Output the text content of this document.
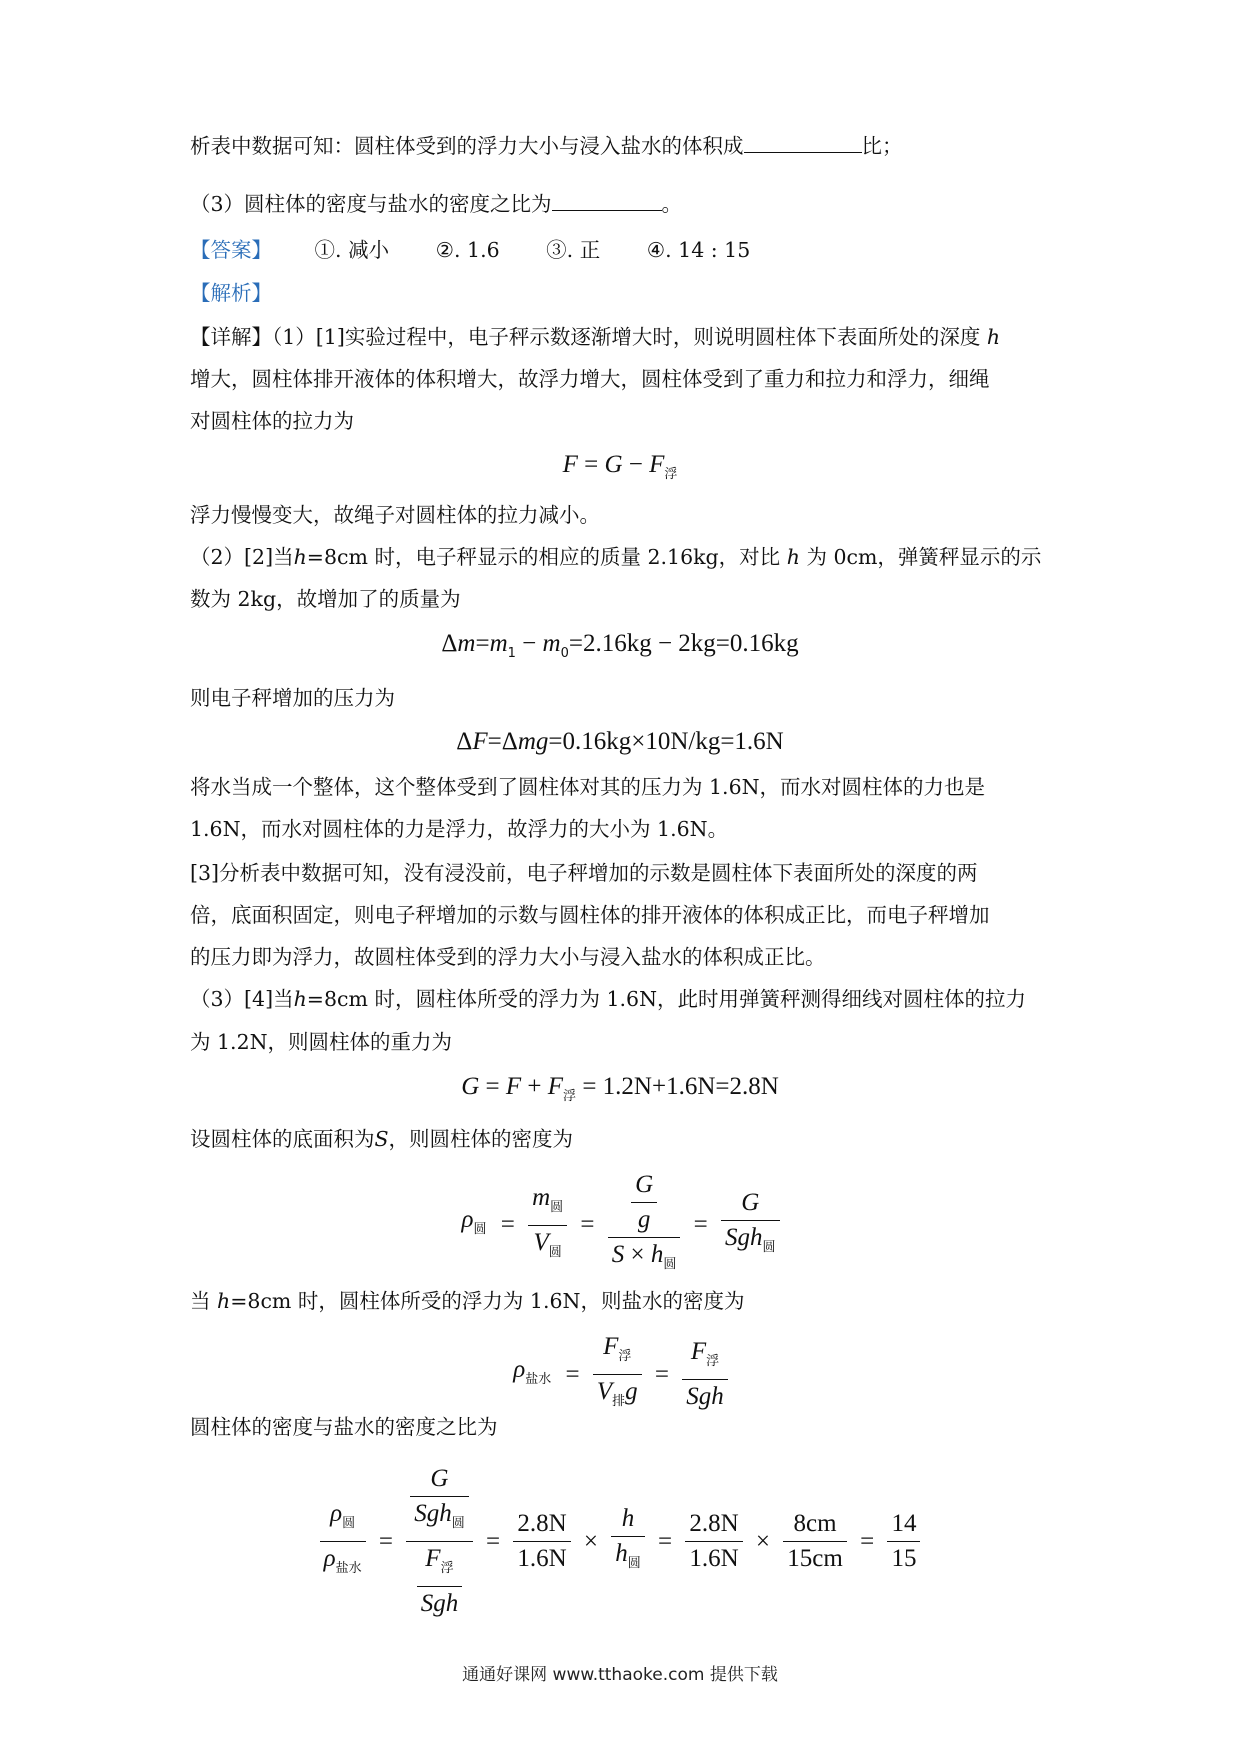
析表中数据可知：圆柱体受到的浮力大小与浸入盐水的体积成	比；
（3）圆柱体的密度与盐水的密度之比为	。
【答案】 ①. 减小 ②. 1.6 ③. 正 ④. 14 : 15
【解析】
【详解】（1）[1]实验过程中，电子秤示数逐渐增大时，则说明圆柱体下表面所处的深度 h
增大，圆柱体排开液体的体积增大，故浮力增大，圆柱体受到了重力和拉力和浮力，细绳
对圆柱体的拉力为
$F = G - F_浮$
浮力慢慢变大，故绳子对圆柱体的拉力减小。
（2）[2]当h=8cm 时，电子秤显示的相应的质量 2.16kg，对比 h 为 0cm，弹簧秤显示的示
数为 2kg，故增加了的质量为
$\Delta m=m_1 - m_0=2.16kg - 2kg=0.16kg$
则电子秤增加的压力为
ΔF=Δmg=0.16kg×10N/kg=1.6N
将水当成一个整体，这个整体受到了圆柱体对其的压力为 1.6N，而水对圆柱体的力也是
1.6N，而水对圆柱体的力是浮力，故浮力的大小为 1.6N。
[3]分析表中数据可知，没有浸没前，电子秤增加的示数是圆柱体下表面所处的深度的两
倍，底面积固定，则电子秤增加的示数与圆柱体的排开液体的体积成正比，而电子秤增加
的压力即为浮力，故圆柱体受到的浮力大小与浸入盐水的体积成正比。
（3）[4]当h=8cm 时，圆柱体所受的浮力为 1.6N，此时用弹簧秤测得细线对圆柱体的拉力
为 1.2N，则圆柱体的重力为
$G = F + F_浮 = 1.2N+1.6N=2.8N$
设圆柱体的底面积为S，则圆柱体的密度为
$\rho_圆$ =
$m_圆$
$V_圆$
= $\frac{G}{g}$
$S \times h_圆$
=
G
Sgh$_圆$
当 h=8cm 时，圆柱体所受的浮力为 1.6N，则盐水的密度为
$\rho_{盐水}$ =
$F_浮$
$V_排g$
=
$F_浮$
Sgh
圆柱体的密度与盐水的密度之比为
$\rho_圆$
$\rho_{盐水}$
=
G
Sgh$_圆$
$F_浮$
Sgh
= $\frac{2.8N}{1.6N}$ ×
h
$h_圆$
= $\frac{2.8N}{1.6N} \times \frac{8cm}{15cm} = \frac{14}{15}$
通通好课网 www.tthaoke.com 提供下载
